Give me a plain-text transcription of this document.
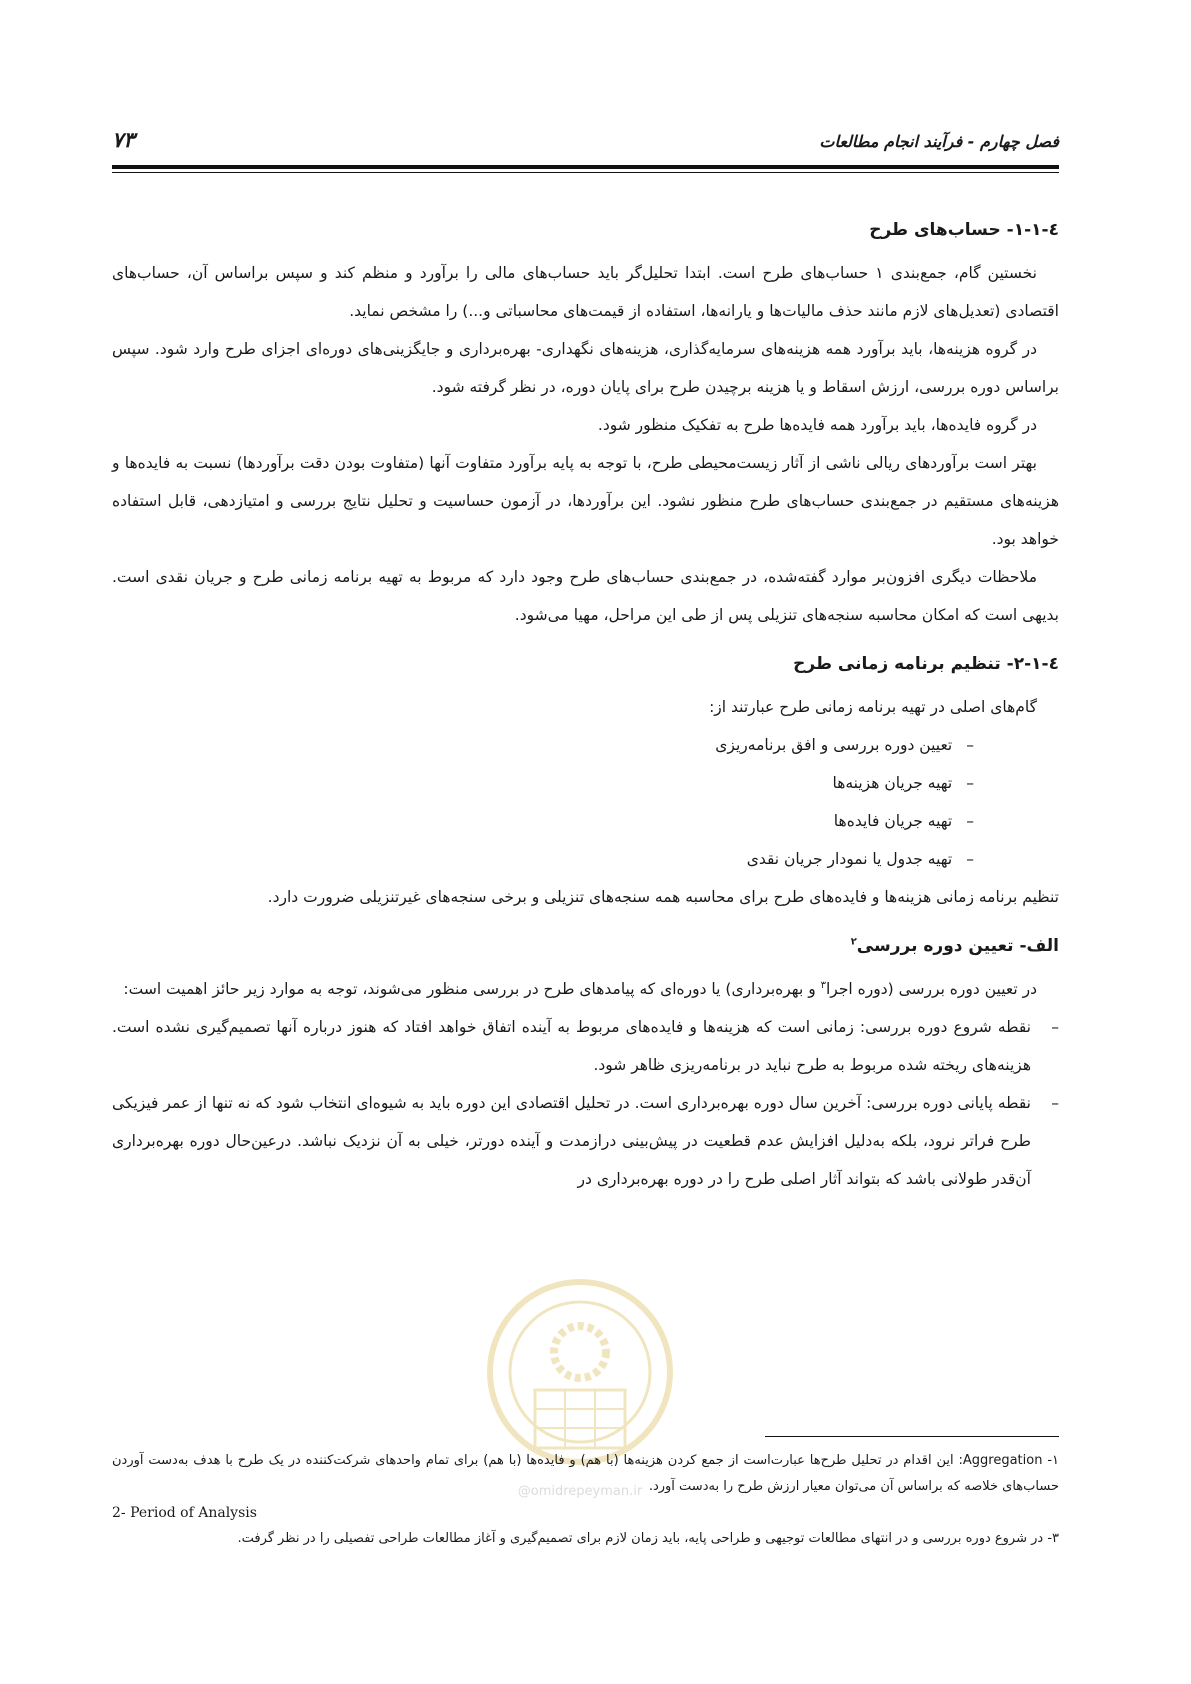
فصل چهارم - فرآیند انجام مطالعات
۷۳
٤-١-١- حساب‌های طرح

نخستین گام، جمع‌بندی ١ حساب‌های طرح است. ابتدا تحلیل‌گر باید حساب‌های مالی را برآورد و منظم کند و سپس براساس آن، حساب‌های اقتصادی (تعدیل‌های لازم مانند حذف مالیات‌ها و یارانه‌ها، استفاده از قیمت‌های محاسباتی و...) را مشخص نماید.

در گروه هزینه‌ها، باید برآورد همه هزینه‌های سرمایه‌گذاری، هزینه‌های نگهداری- بهره‌برداری و جایگزینی‌های دوره‌ای اجزای طرح وارد شود. سپس براساس دوره بررسی، ارزش اسقاط و یا هزینه برچیدن طرح برای پایان دوره، در نظر گرفته شود.

در گروه فایده‌ها، باید برآورد همه فایده‌ها طرح به تفکیک منظور شود.

بهتر است برآوردهای ریالی ناشی از آثار زیست‌محیطی طرح، با توجه به پایه برآورد متفاوت آنها (متفاوت بودن دقت برآوردها) نسبت به فایده‌ها و هزینه‌های مستقیم در جمع‌بندی حساب‌های طرح منظور نشود. این برآوردها، در آزمون حساسیت و تحلیل نتایج بررسی و امتیازدهی، قابل استفاده خواهد بود.

ملاحظات دیگری افزون‌بر موارد گفته‌شده، در جمع‌بندی حساب‌های طرح وجود دارد که مربوط به تهیه برنامه زمانی طرح و جریان نقدی است. بدیهی است که امکان محاسبه سنجه‌های تنزیلی پس از طی این مراحل، مهیا می‌شود.

٤-١-٢- تنظیم برنامه زمانی طرح

گام‌های اصلی در تهیه برنامه زمانی طرح عبارتند از:

–تعیین دوره بررسی و افق برنامه‌ریزی
–تهیه جریان هزینه‌ها
–تهیه جریان فایده‌ها
–تهیه جدول یا نمودار جریان نقدی

تنظیم برنامه زمانی هزینه‌ها و فایده‌های طرح برای محاسبه همه سنجه‌های تنزیلی و برخی سنجه‌های غیرتنزیلی ضرورت دارد.

الف- تعیین دوره بررسی$^٢$

در تعیین دوره بررسی (دوره اجرا$^٣$ و بهره‌برداری) یا دوره‌ای که پیامدهای طرح در بررسی منظور می‌شوند، توجه به موارد زیر حائز اهمیت است:

–
نقطه شروع دوره بررسی: زمانی است که هزینه‌ها و فایده‌های مربوط به آینده اتفاق خواهد افتاد که هنوز درباره آنها تصمیم‌گیری نشده است. هزینه‌های ریخته شده مربوط به طرح نباید در برنامه‌ریزی ظاهر شود.
–
نقطه پایانی دوره بررسی: آخرین سال دوره بهره‌برداری است. در تحلیل اقتصادی این دوره باید به شیوه‌ای انتخاب شود که نه تنها از عمر فیزیکی طرح فراتر نرود، بلکه به‌دلیل افزایش عدم قطعیت در پیش‌بینی درازمدت و آینده دورتر، خیلی به آن نزدیک نباشد. درعین‌حال دوره بهره‌برداری آن‌قدر طولانی باشد که بتواند آثار اصلی طرح را در دوره بهره‌برداری در
@omidrepeyman.ir
١- Aggregation: این اقدام در تحلیل طرح‌ها عبارت‌است از جمع کردن هزینه‌ها (با هم) و فایده‌ها (با هم) برای تمام واحدهای شرکت‌کننده در یک طرح با هدف به‌دست آوردن حساب‌های خلاصه که براساس آن می‌توان معیار ارزش طرح را به‌دست آورد.
2- Period of Analysis
٣- در شروع دوره بررسی و در انتهای مطالعات توجیهی و طراحی پایه، باید زمان لازم برای تصمیم‌گیری و آغاز مطالعات طراحی تفصیلی را در نظر گرفت.
